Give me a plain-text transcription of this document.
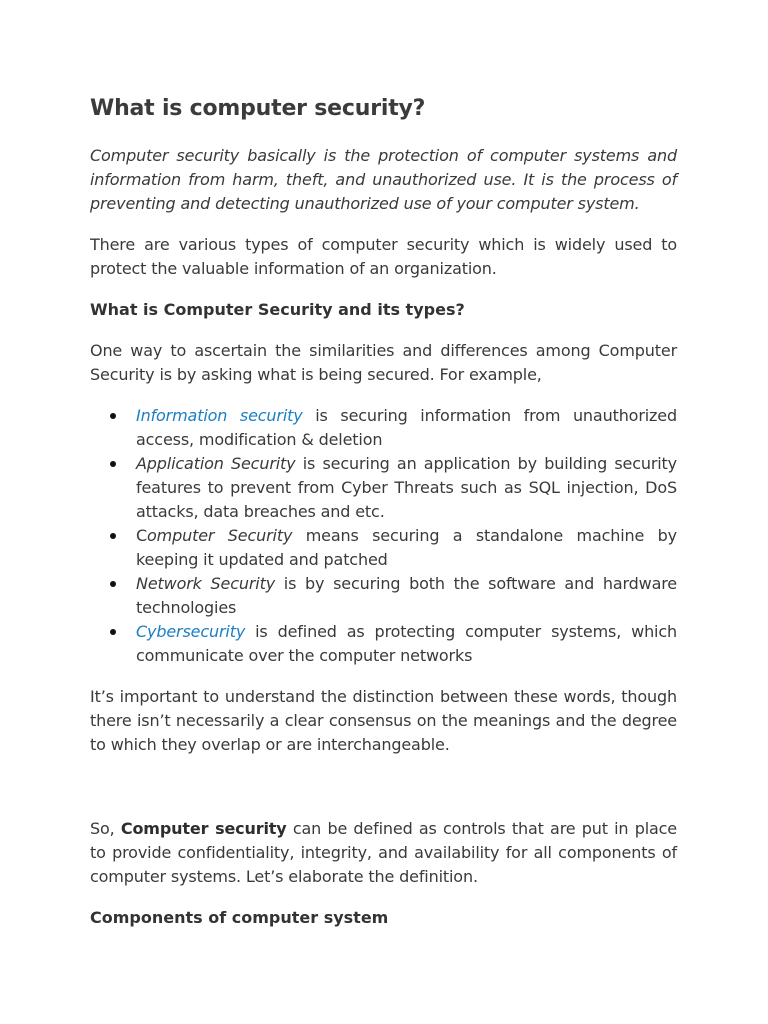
What is computer security?

Computer security basically is the protection of computer systems and information from harm, theft, and unauthorized use. It is the process of preventing and detecting unauthorized use of your computer system.

There are various types of computer security which is widely used to protect the valuable information of an organization.

What is Computer Security and its types?

One way to ascertain the similarities and differences among Computer Security is by asking what is being secured. For example,

Information security is securing information from unauthorized access, modification & deletion
Application Security is securing an application by building security features to prevent from Cyber Threats such as SQL injection, DoS attacks, data breaches and etc.
Computer Security means securing a standalone machine by keeping it updated and patched
Network Security is by securing both the software and hardware technologies
Cybersecurity is defined as protecting computer systems, which communicate over the computer networks

It’s important to understand the distinction between these words, though there isn’t necessarily a clear consensus on the meanings and the degree to which they overlap or are interchangeable.

So, Computer security can be defined as controls that are put in place to provide confidentiality, integrity, and availability for all components of computer systems. Let’s elaborate the definition.

Components of computer system
